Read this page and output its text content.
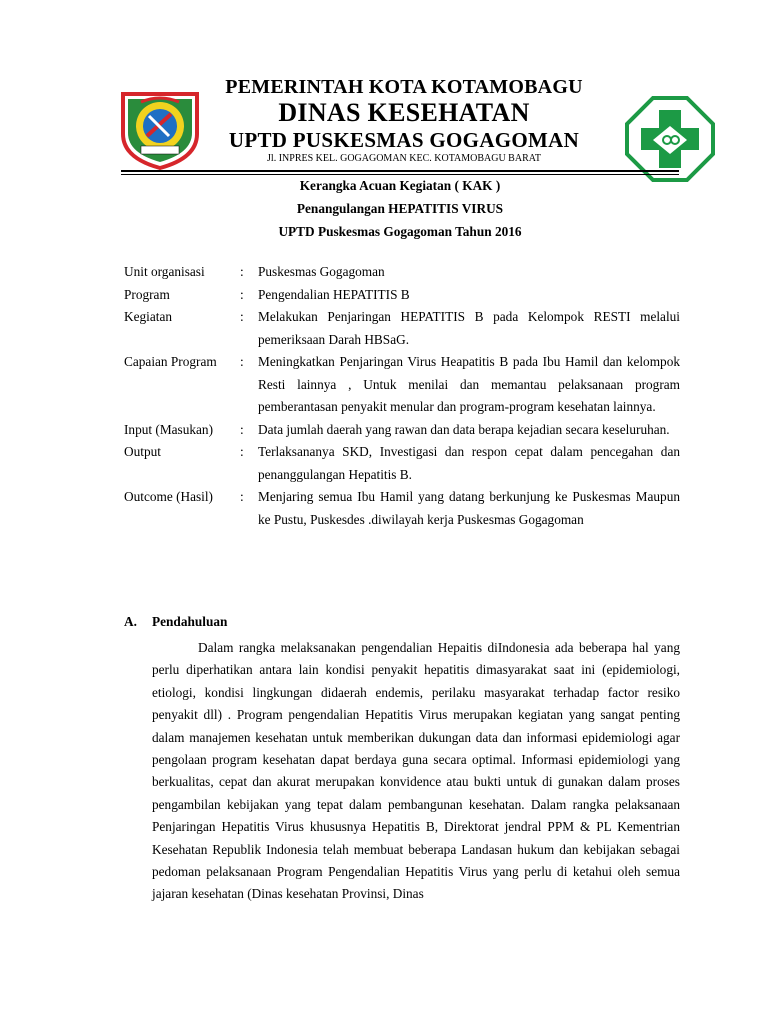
PEMERINTAH KOTA KOTAMOBAGU
DINAS KESEHATAN
UPTD PUSKESMAS GOGAGOMAN
Jl. INPRES KEL. GOGAGOMAN KEC. KOTAMOBAGU BARAT
Kerangka Acuan Kegiatan ( KAK )
Penangulangan HEPATITIS VIRUS
UPTD Puskesmas Gogagoman Tahun 2016
Unit organisasi	:	Puskesmas Gogagoman
Program	:	Pengendalian HEPATITIS B
Kegiatan	:	Melakukan Penjaringan HEPATITIS B pada Kelompok RESTI melalui pemeriksaan Darah HBSaG.
Capaian Program	:	Meningkatkan Penjaringan Virus Heapatitis B pada Ibu Hamil dan kelompok Resti lainnya , Untuk menilai dan memantau pelaksanaan program pemberantasan penyakit menular dan program-program kesehatan lainnya.
Input (Masukan)	:	Data jumlah daerah yang rawan dan data berapa kejadian secara keseluruhan.
Output	:	Terlaksananya SKD, Investigasi dan respon cepat dalam pencegahan dan penanggulangan Hepatitis B.
Outcome (Hasil)	:	Menjaring semua Ibu Hamil yang datang berkunjung ke Puskesmas Maupun ke Pustu, Puskesdes .diwilayah kerja Puskesmas Gogagoman
A. Pendahuluan
Dalam rangka melaksanakan pengendalian Hepaitis diIndonesia ada beberapa hal yang perlu diperhatikan antara lain kondisi penyakit hepatitis dimasyarakat saat ini (epidemiologi, etiologi, kondisi lingkungan didaerah endemis, perilaku masyarakat terhadap factor resiko penyakit dll) . Program pengendalian Hepatitis Virus merupakan kegiatan yang sangat penting dalam manajemen kesehatan untuk memberikan dukungan data dan informasi epidemiologi agar pengolaan program kesehatan dapat berdaya guna secara optimal. Informasi epidemiologi yang berkualitas, cepat dan akurat merupakan konvidence atau bukti untuk di gunakan dalam proses pengambilan kebijakan yang tepat dalam pembangunan kesehatan. Dalam rangka pelaksanaan Penjaringan Hepatitis Virus khususnya Hepatitis B, Direktorat jendral PPM & PL Kementrian Kesehatan Republik Indonesia telah membuat beberapa Landasan hukum dan kebijakan sebagai pedoman pelaksanaan Program Pengendalian Hepatitis Virus yang perlu di ketahui oleh semua jajaran kesehatan (Dinas kesehatan Provinsi, Dinas
